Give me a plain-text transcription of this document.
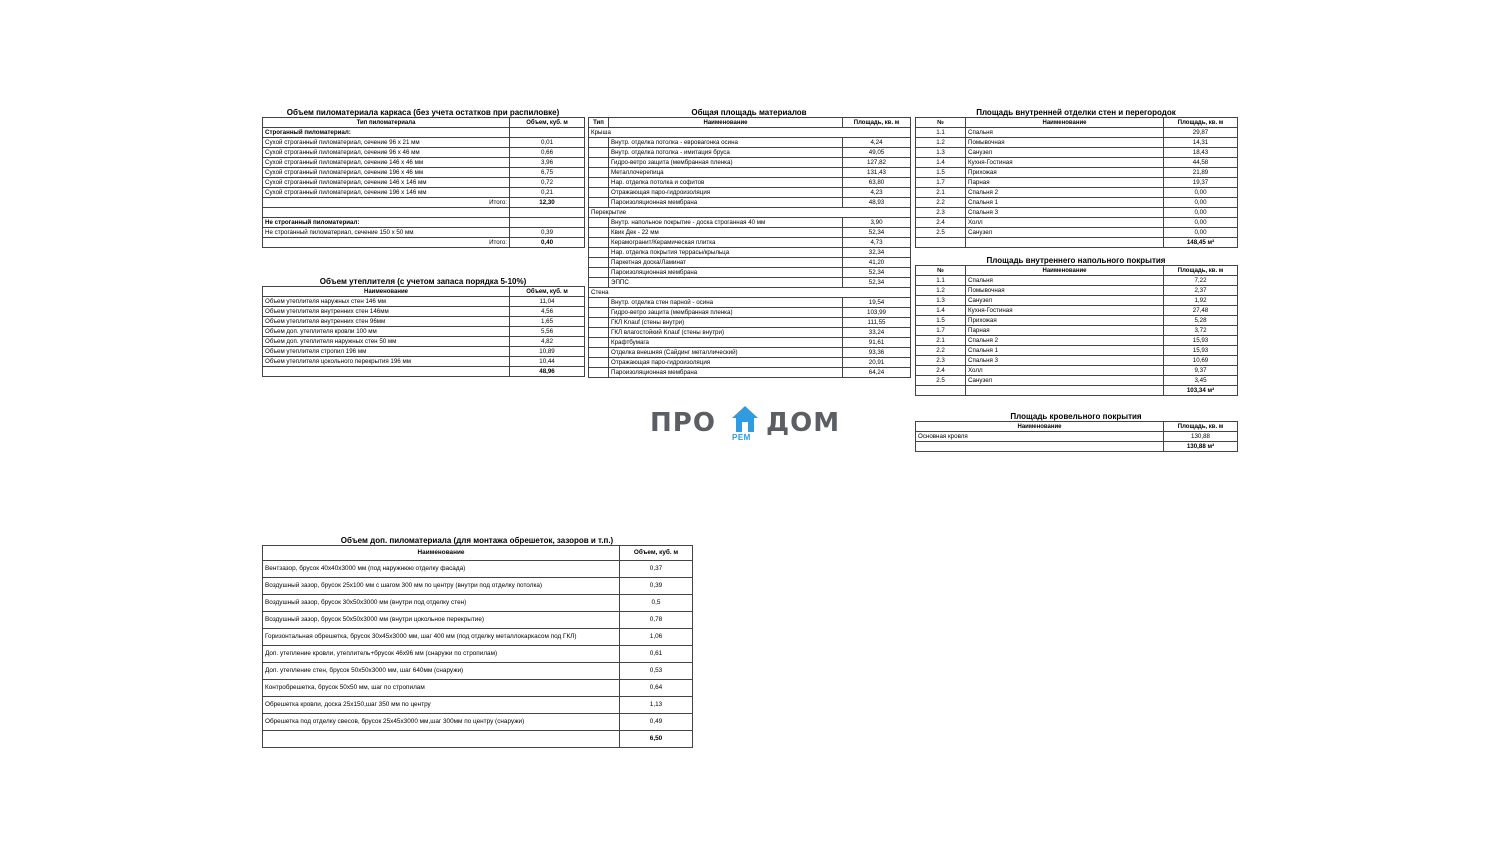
Объем пиломатериала каркаса (без учета остатков при распиловке)
Тип пиломатериала	Объем, куб. м
Строганный пиломатериал:	
Сухой строганный пиломатериал, сечение 96 х 21 мм	0,01
Сухой строганный пиломатериал, сечение 96 х 46 мм	0,66
Сухой строганный пиломатериал, сечение 146 х 46 мм	3,96
Сухой строганный пиломатериал, сечение 196 х 46 мм	6,75
Сухой строганный пиломатериал, сечение 146 х 146 мм	0,72
Сухой строганный пиломатериал, сечение 196 х 146 мм	0,21
Итого:	12,30

Не строганный пиломатериал:	
Не строганный пиломатериал, сечение 150 х 50 мм	0,39
Итого:	0,40
Объем утеплителя (с учетом запаса порядка 5-10%)
Наименование	Объем, куб. м
Объем утеплителя наружных стен 146 мм	11,04
Объем утеплителя внутренних стен 146мм	4,56
Объем утеплителя внутренних стен 96мм	1,65
Объем доп. утеплителя кровли 100 мм	5,56
Объем доп. утеплителя наружных стен 50 мм	4,82
Объем утеплителя стропил 196 мм	10,89
Объем утеплителя цокольного перекрытия 196 мм	10,44
	48,96
Общая площадь материалов
Тип	Наименование	Площадь, кв. м
Крыша		
	Внутр. отделка потолка - евровагонка осина	4,24
	Внутр. отделка потолка - имитация бруса	49,05
	Гидро-ветро защита (мембранная пленка)	127,82
	Металлочерепица	131,43
	Нар. отделка потолка и софитов	63,80
	Отражающая паро-гидроизоляция	4,23
	Пароизоляционная мембрана	48,93
Перекрытие		
	Внутр. напольное покрытие - доска строганная 40 мм	3,90
	Квик Дек - 22 мм	52,34
	Керамогранит/Керамическая плитка	4,73
	Нар. отделка покрытия террасы/крыльца	32,34
	Паркетная доска/Ламинат	41,20
	Пароизоляционная мембрана	52,34
	ЭППС	52,34
Стена		
	Внутр. отделка стен парной - осина	19,54
	Гидро-ветро защита (мембранная пленка)	103,99
	ГКЛ Knauf (стены внутри)	111,55
	ГКЛ влагостойкий Knauf (стены внутри)	33,24
	Крафтбумага	91,61
	Отделка внешняя (Сайдинг металлический)	93,36
	Отражающая паро-гидроизоляция	20,91
	Пароизоляционная мембрана	64,24
Площадь внутренней отделки стен и перегородок
№	Наименование	Площадь, кв. м
1.1	Спальня	29,87
1.2	Помывочная	14,31
1.3	Санузел	18,43
1.4	Кухня-Гостиная	44,58
1.5	Прихожая	21,89
1.7	Парная	19,37
2.1	Спальня 2	0,00
2.2	Спальня 1	0,00
2.3	Спальня 3	0,00
2.4	Холл	0,00
2.5	Санузел	0,00
		148,45 м²
Площадь внутреннего напольного покрытия
№	Наименование	Площадь, кв. м
1.1	Спальня	7,22
1.2	Помывочная	2,37
1.3	Санузел	1,92
1.4	Кухня-Гостиная	27,48
1.5	Прихожая	5,28
1.7	Парная	3,72
2.1	Спальня 2	15,93
2.2	Спальня 1	15,93
2.3	Спальня 3	10,69
2.4	Холл	9,37
2.5	Санузел	3,45
		103,34 м²
Площадь кровельного покрытия
Наименование	Площадь, кв. м
Основная кровля	130,88
	130,88 м²
ПРО РЕМ ДОМ
Объем доп. пиломатериала (для монтажа обрешеток, зазоров и т.п.)
Наименование	Объем, куб. м
Вентзазор, брусок 40х40х3000 мм (под наружнюю отделку фасада)	0,37
Воздушный зазор, брусок 25х100 мм с шагом 300 мм по центру (внутри под отделку потолка)	0,39
Воздушный зазор, брусок 30х50х3000 мм (внутри под отделку стен)	0,5
Воздушный зазор, брусок 50х50х3000 мм (внутри цокольное перекрытие)	0,78
Горизонтальная обрешетка, брусок 30х45х3000 мм, шаг 400 мм (под отделку металлокаркасом под ГКЛ)	1,06
Доп. утепление кровли, утеплитель+брусок 46х96 мм (снаружи по стропилам)	0,61
Доп. утепление стен, брусок 50х50х3000 мм, шаг 640мм (снаружи)	0,53
Контробрешетка, брусок 50х50 мм, шаг по стропилам	0,64
Обрешетка кровли, доска 25х150,шаг 350 мм по центру	1,13
Обрешетка под отделку свесов, брусок 25х45х3000 мм,шаг 300мм по центру (снаружи)	0,49
	6,50
